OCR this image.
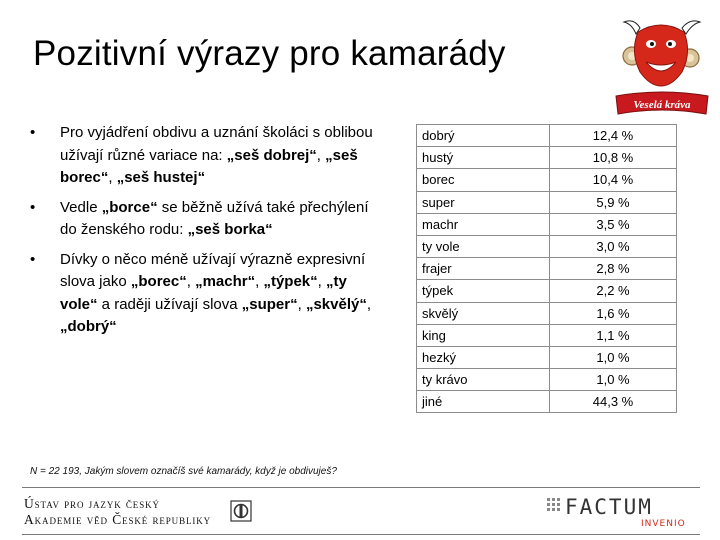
Pozitivní výrazy pro kamarády
Veselá kráva
• Pro vyjádření obdivu a uznání školáci s oblibou užívají různé variace na: „seš dobrej“, „seš borec“, „seš hustej“
• Vedle „borce“ se běžně užívá také přechýlení do ženského rodu: „seš borka“
• Dívky o něco méně užívají výrazně expresivní slova jako „borec“, „machr“, „týpek“, „ty vole“ a raději užívají slova „super“, „skvělý“, „dobrý“
dobrý	12,4 %
hustý	10,8 %
borec	10,4 %
super	5,9 %
machr	3,5 %
ty vole	3,0 %
frajer	2,8 %
týpek	2,2 %
skvělý	1,6 %
king	1,1 %
hezký	1,0 %
ty krávo	1,0 %
jiné	44,3 %
N = 22 193, Jakým slovem označíš své kamarády, když je obdivuješ?
Ústav pro jazyk český
Akademie věd České republiky
FACTUM
INVENIO
